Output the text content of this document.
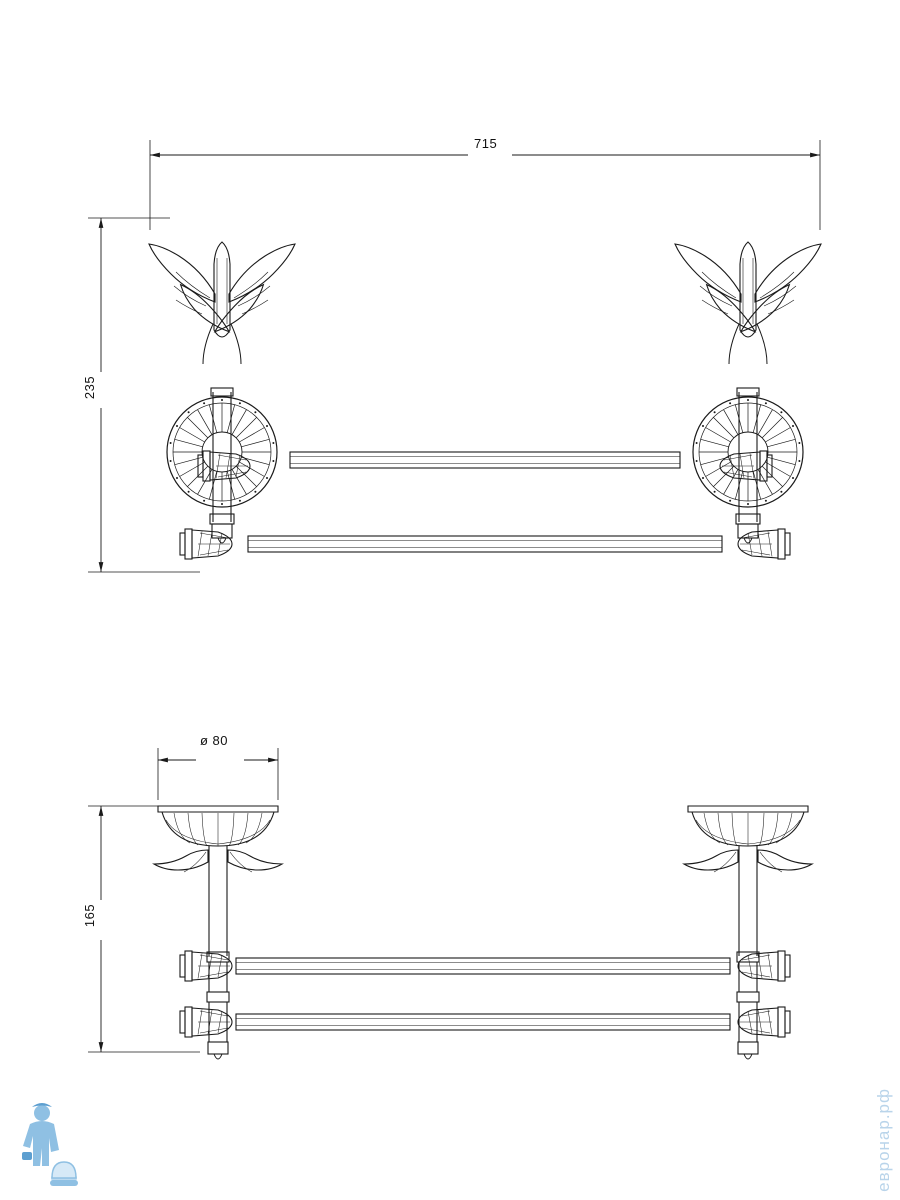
715
235
ø 80
165
евронар.рф
